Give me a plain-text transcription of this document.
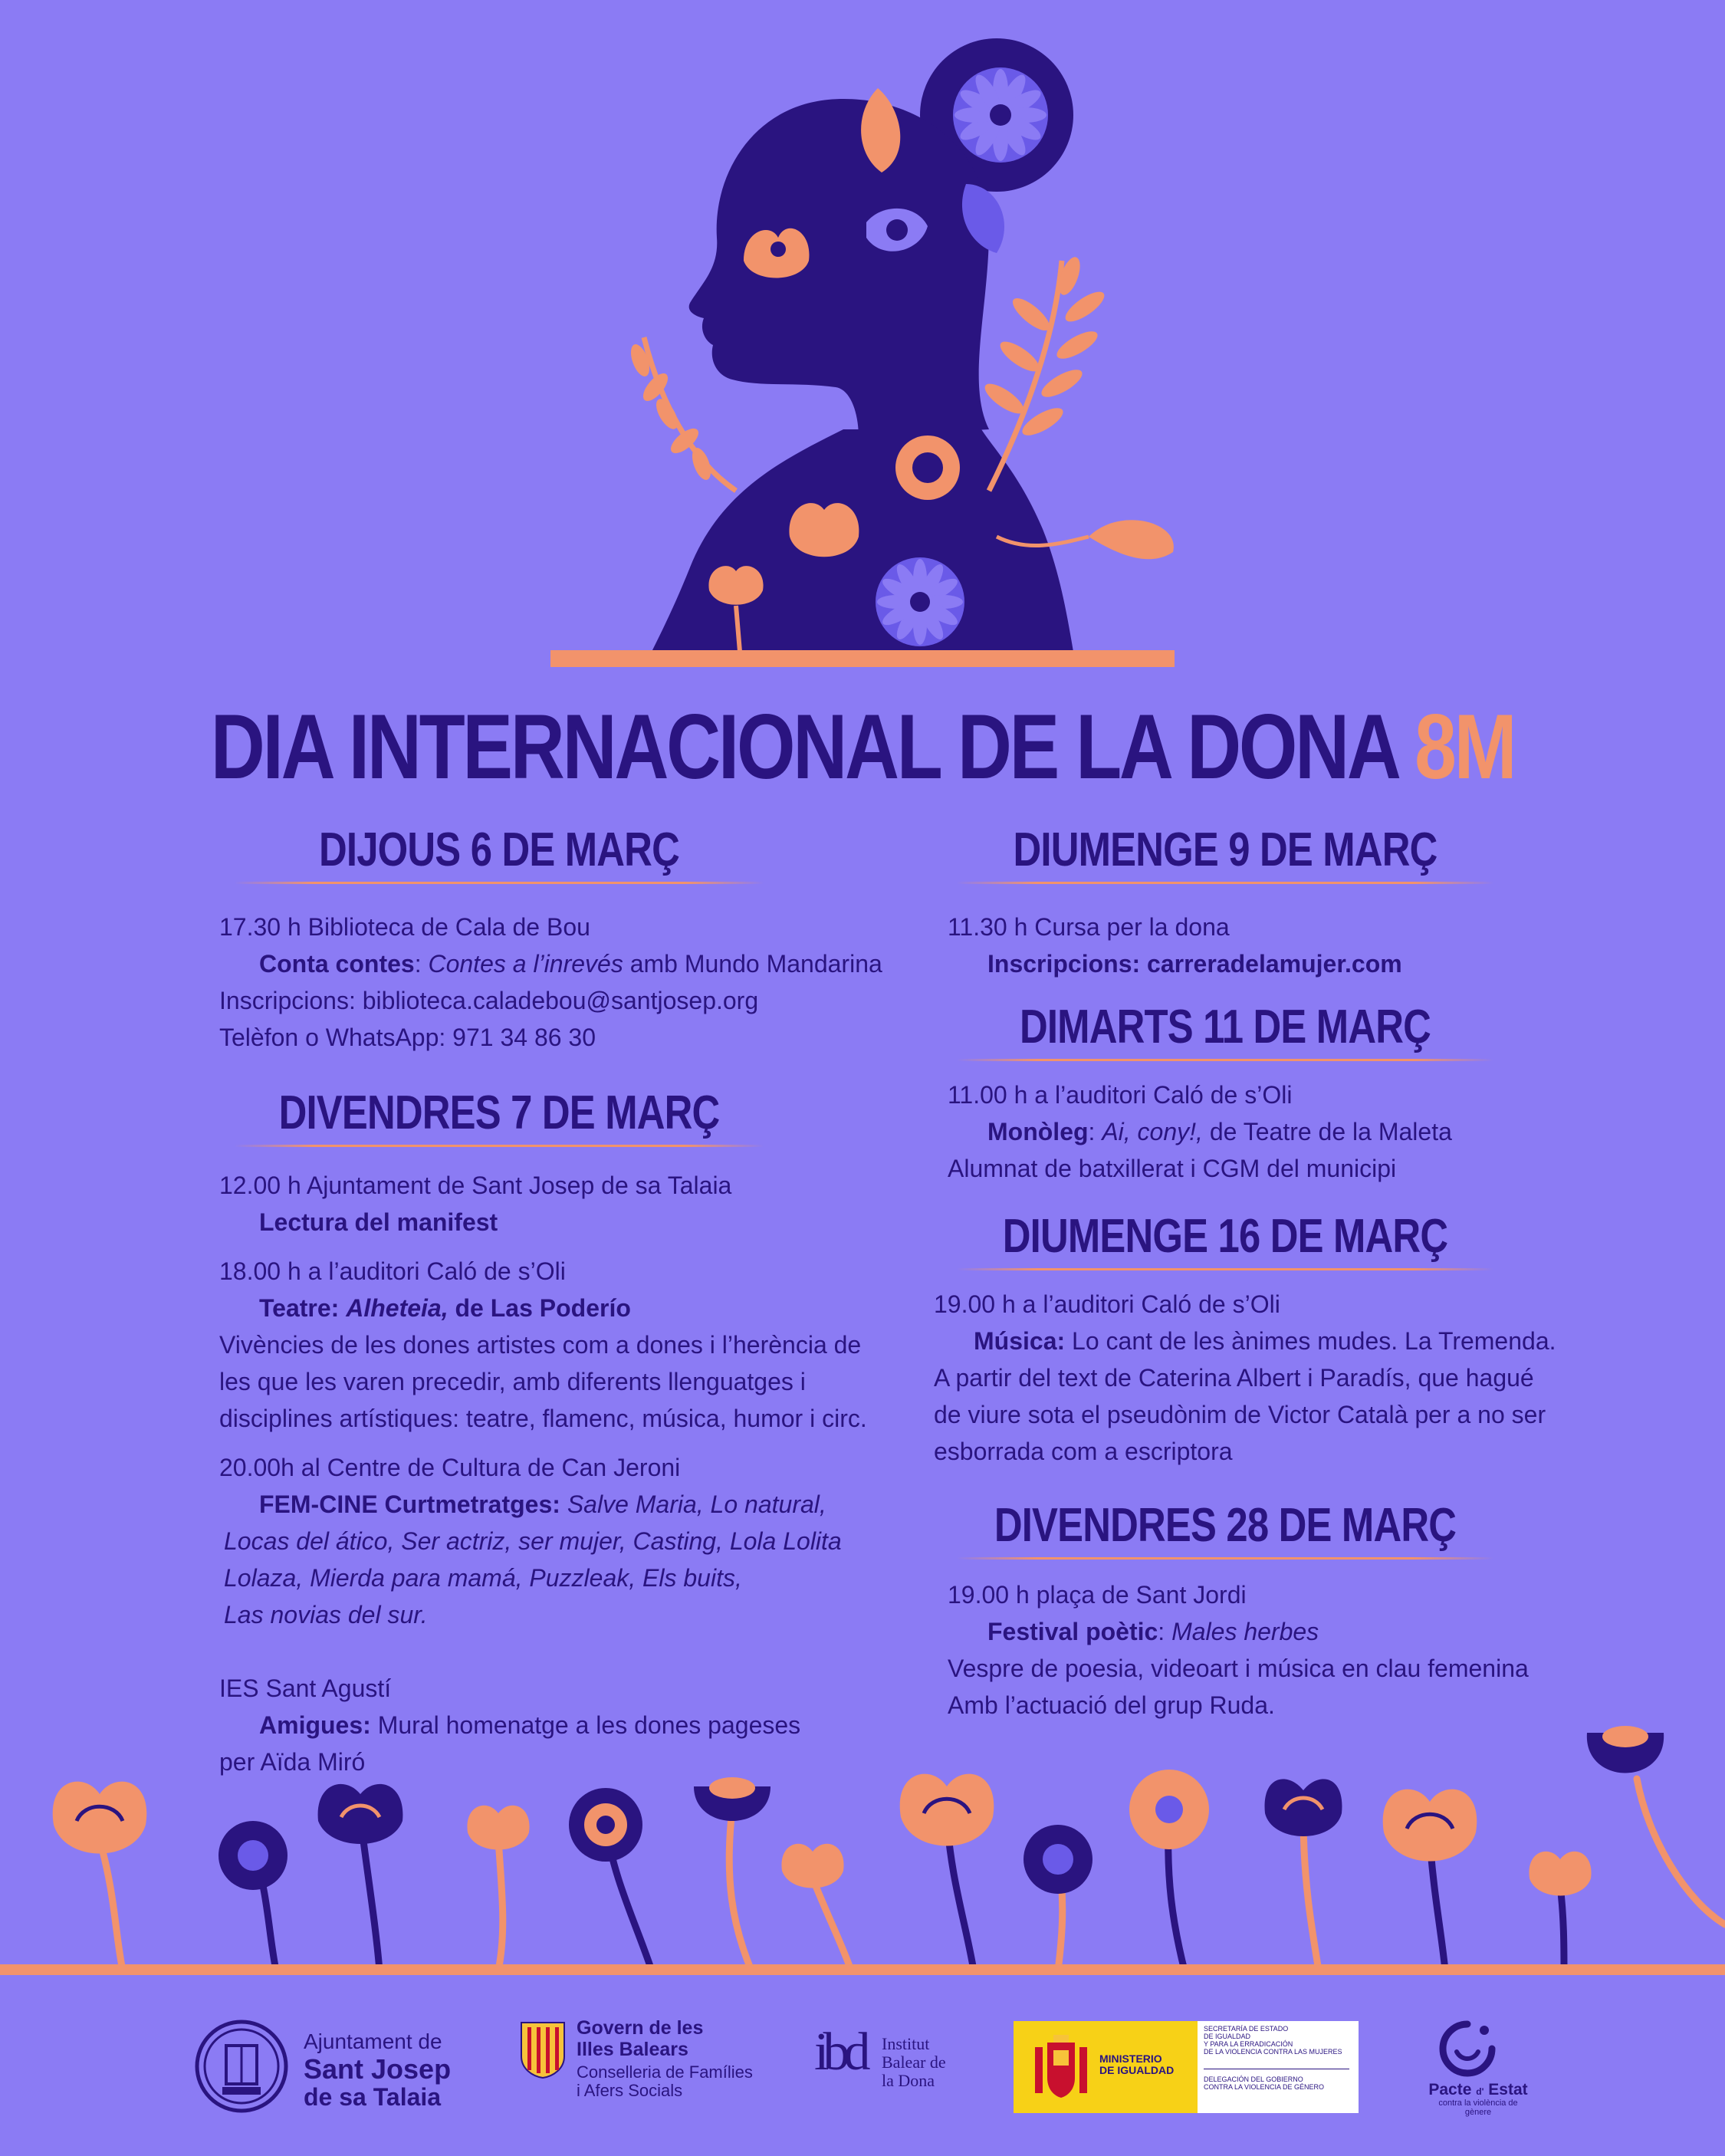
DIA INTERNACIONAL DE LA DONA 8M
DIJOUS 6 DE MARÇ
17.30 h Biblioteca de Cala de Bou
Conta contes: Contes a l’inrevés amb Mundo Mandarina
Inscripcions: biblioteca.caladebou@santjosep.org
Telèfon o WhatsApp: 971 34 86 30
DIVENDRES 7 DE MARÇ
12.00 h Ajuntament de Sant Josep de sa Talaia
Lectura del manifest
18.00 h a l’auditori Caló de s’Oli
Teatre: Alheteia, de Las Poderío
Vivències de les dones artistes com a dones i l’herència de
les que les varen precedir, amb diferents llenguatges i
disciplines artístiques: teatre, flamenc, música, humor i circ.
20.00h al Centre de Cultura de Can Jeroni
FEM-CINE Curtmetratges: Salve Maria, Lo natural,
Locas del ático, Ser actriz, ser mujer, Casting, Lola Lolita
Lolaza, Mierda para mamá, Puzzleak, Els buits,
Las novias del sur.
IES Sant Agustí
Amigues: Mural homenatge a les dones pageses
per Aïda Miró
DIUMENGE 9 DE MARÇ
11.30 h Cursa per la dona
Inscripcions: carreradelamujer.com
DIMARTS 11 DE MARÇ
11.00 h a l’auditori Caló de s’Oli
Monòleg: Ai, cony!, de Teatre de la Maleta
Alumnat de batxillerat i CGM del municipi
DIUMENGE 16 DE MARÇ
19.00 h a l’auditori Caló de s’Oli
Música: Lo cant de les ànimes mudes. La Tremenda.
A partir del text de Caterina Albert i Paradís, que hagué
de viure sota el pseudònim de Victor Català per a no ser
esborrada com a escriptora
DIVENDRES 28 DE MARÇ
19.00 h plaça de Sant Jordi
Festival poètic: Males herbes
Vespre de poesia, videoart i música en clau femenina
Amb l’actuació del grup Ruda.
Ajuntament de
Sant Josep
de sa Talaia
Govern de les
Illes Balears
Conselleria de Famílies
i Afers Socials
ibd Institut
Balear de
la Dona
MINISTERIO
DE IGUALDAD
SECRETARÍA DE ESTADO
DE IGUALDAD
Y PARA LA ERRADICACIÓN
DE LA VIOLENCIA CONTRA LAS MUJERES
DELEGACIÓN DEL GOBIERNO
CONTRA LA VIOLENCIA DE GÉNERO	Pacte d' Estat
contra la violència de gènere
